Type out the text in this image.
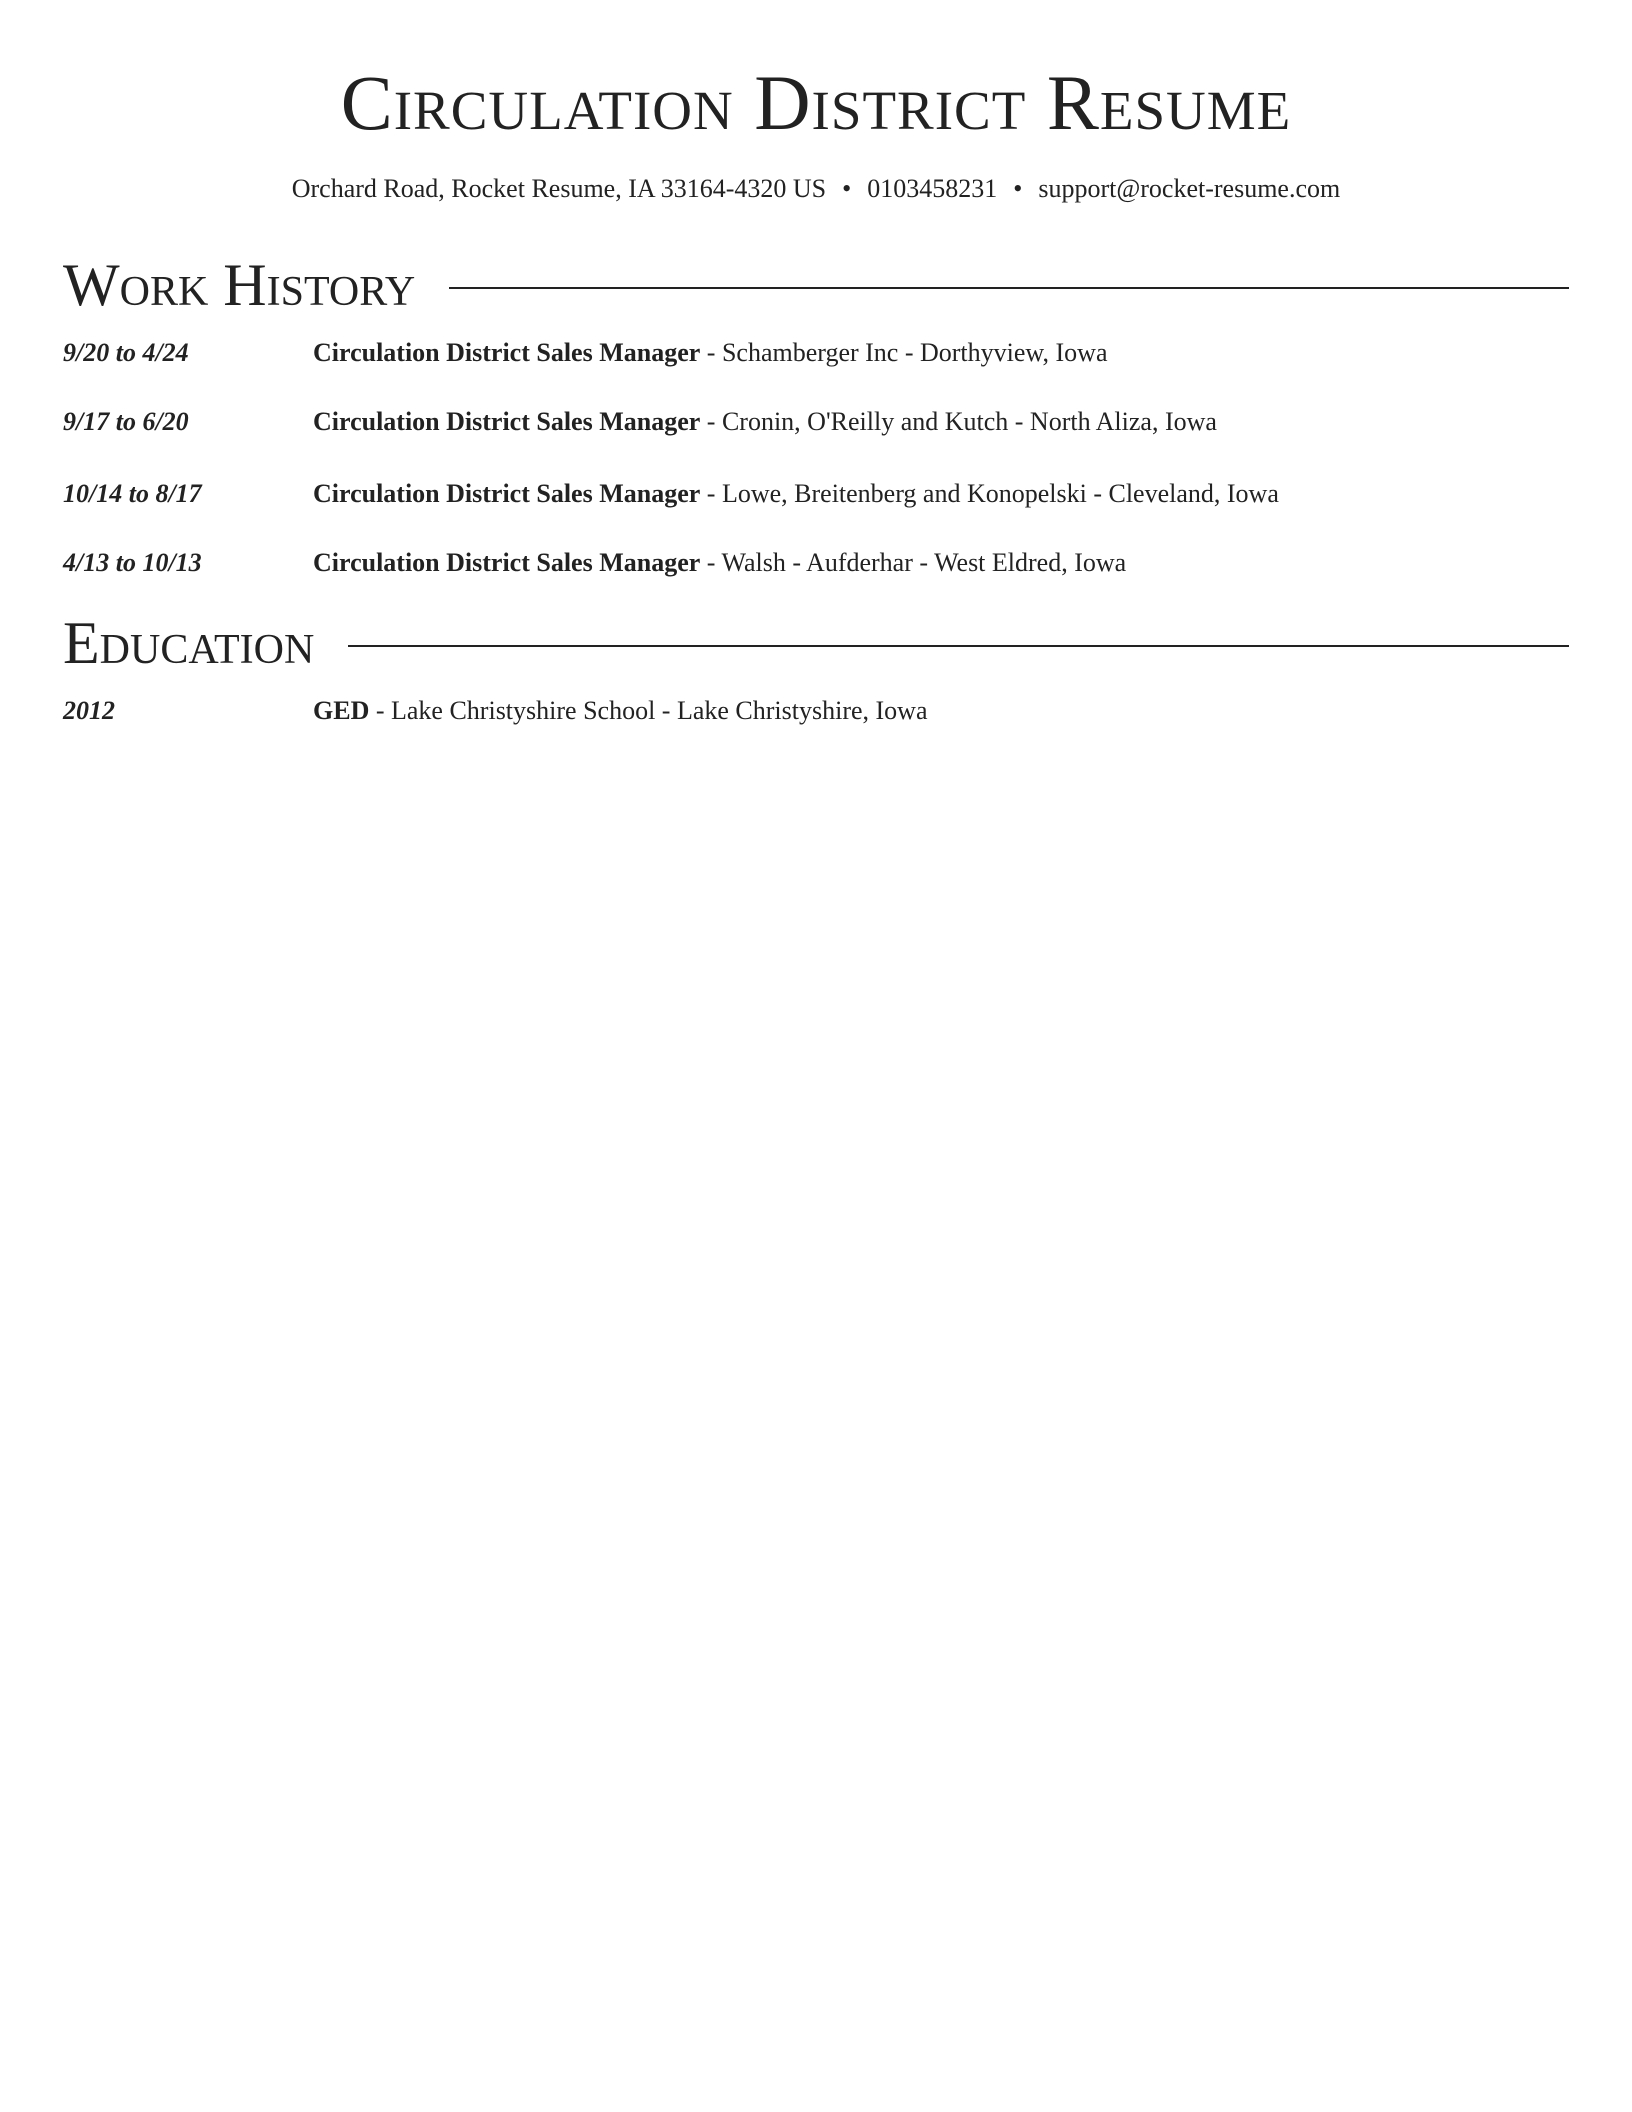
Circulation District Resume
Orchard Road, Rocket Resume, IA 33164-4320 US • 0103458231 • support@rocket-resume.com
Work History
9/20 to 4/24	Circulation District Sales Manager - Schamberger Inc - Dorthyview, Iowa
9/17 to 6/20	Circulation District Sales Manager - Cronin, O'Reilly and Kutch - North Aliza, Iowa
10/14 to 8/17	Circulation District Sales Manager - Lowe, Breitenberg and Konopelski - Cleveland, Iowa
4/13 to 10/13	Circulation District Sales Manager - Walsh - Aufderhar - West Eldred, Iowa
Education
2012	GED - Lake Christyshire School - Lake Christyshire, Iowa
